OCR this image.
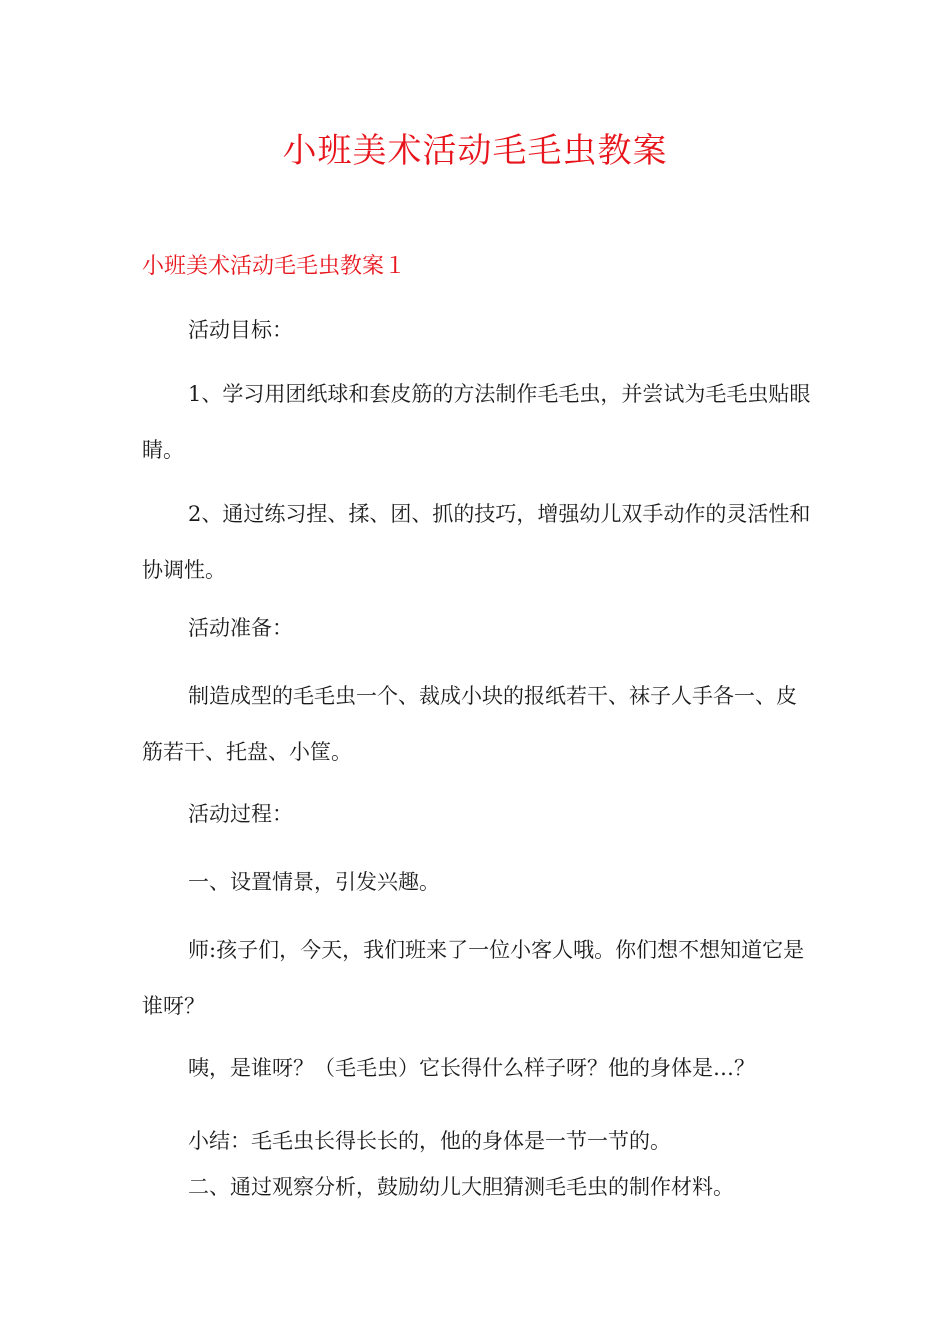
小班美术活动毛毛虫教案
小班美术活动毛毛虫教案１

活动目标：

1、学习用团纸球和套皮筋的方法制作毛毛虫，并尝试为毛毛虫贴眼睛。

2、通过练习捏、揉、团、抓的技巧，增强幼儿双手动作的灵活性和协调性。

活动准备：

制造成型的毛毛虫一个、裁成小块的报纸若干、袜子人手各一、皮筋若干、托盘、小筐。

活动过程：

一、设置情景，引发兴趣。

师:孩子们，今天，我们班来了一位小客人哦。你们想不想知道它是谁呀？

咦，是谁呀？（毛毛虫）它长得什么样子呀？他的身体是…？

小结：毛毛虫长得长长的，他的身体是一节一节的。

二、通过观察分析，鼓励幼儿大胆猜测毛毛虫的制作材料。
